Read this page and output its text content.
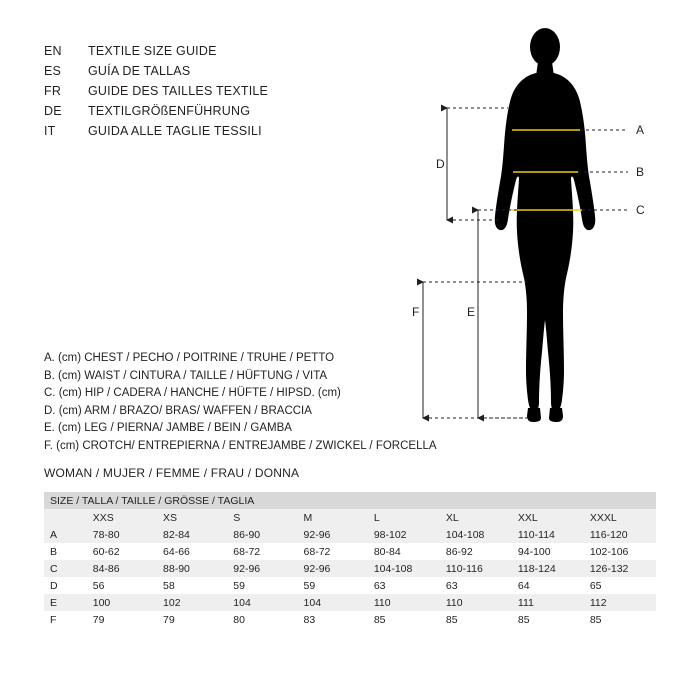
EN	TEXTILE SIZE GUIDE
ES	GUÍA DE TALLAS
FR	GUIDE DES TAILLES TEXTILE
DE	TEXTILGRÖßENFÜHRUNG
IT	GUIDA ALLE TAGLIE TESSILI	A
B
C
D
E
F
A. (cm) CHEST / PECHO / POITRINE / TRUHE / PETTO
B. (cm) WAIST / CINTURA / TAILLE / HÜFTUNG / VITA
C. (cm) HIP / CADERA / HANCHE / HÜFTE / HIPSD. (cm)
D. (cm) ARM / BRAZO/ BRAS/ WAFFEN / BRACCIA
E. (cm) LEG / PIERNA/ JAMBE / BEIN / GAMBA
F. (cm) CROTCH/ ENTREPIERNA / ENTREJAMBE / ZWICKEL / FORCELLA
WOMAN / MUJER / FEMME / FRAU / DONNA
SIZE / TALLA / TAILLE / GRÖSSE / TAGLIA								
	XXS	XS	S	M	L	XL	XXL	XXXL
A	78-80	82-84	86-90	92-96	98-102	104-108	110-114	116-120
B	60-62	64-66	68-72	68-72	80-84	86-92	94-100	102-106
C	84-86	88-90	92-96	92-96	104-108	110-116	118-124	126-132
D	56	58	59	59	63	63	64	65
E	100	102	104	104	110	110	111	112
F	79	79	80	83	85	85	85	85
